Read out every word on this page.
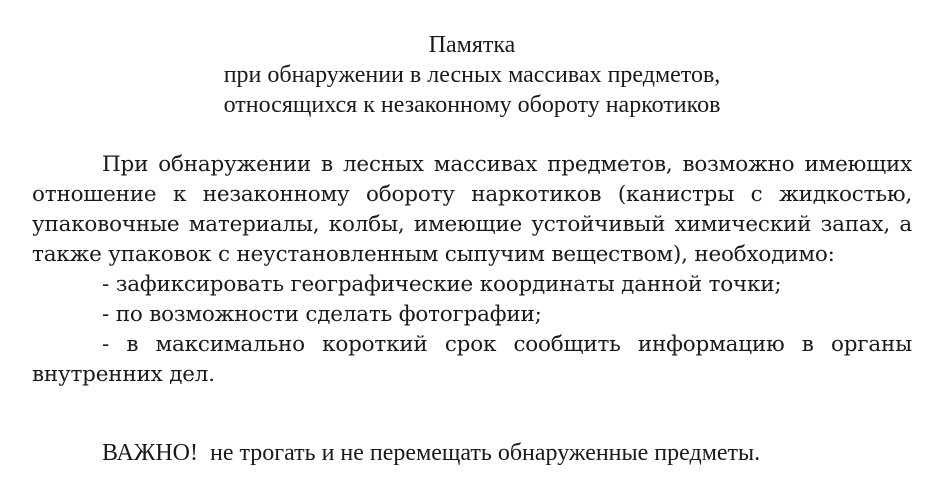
Памятка
при обнаружении в лесных массивах предметов,
относящихся к незаконному обороту наркотиков

При обнаружении в лесных массивах предметов, возможно имеющих отношение к незаконному обороту наркотиков (канистры с жидкостью, упаковочные материалы, колбы, имеющие устойчивый химический запах, а также упаковок с неустановленным сыпучим веществом), необходимо:

- зафиксировать географические координаты данной точки;

- по возможности сделать фотографии;

- в максимально короткий срок сообщить информацию в органы внутренних дел.

ВАЖНО!  не трогать и не перемещать обнаруженные предметы.
